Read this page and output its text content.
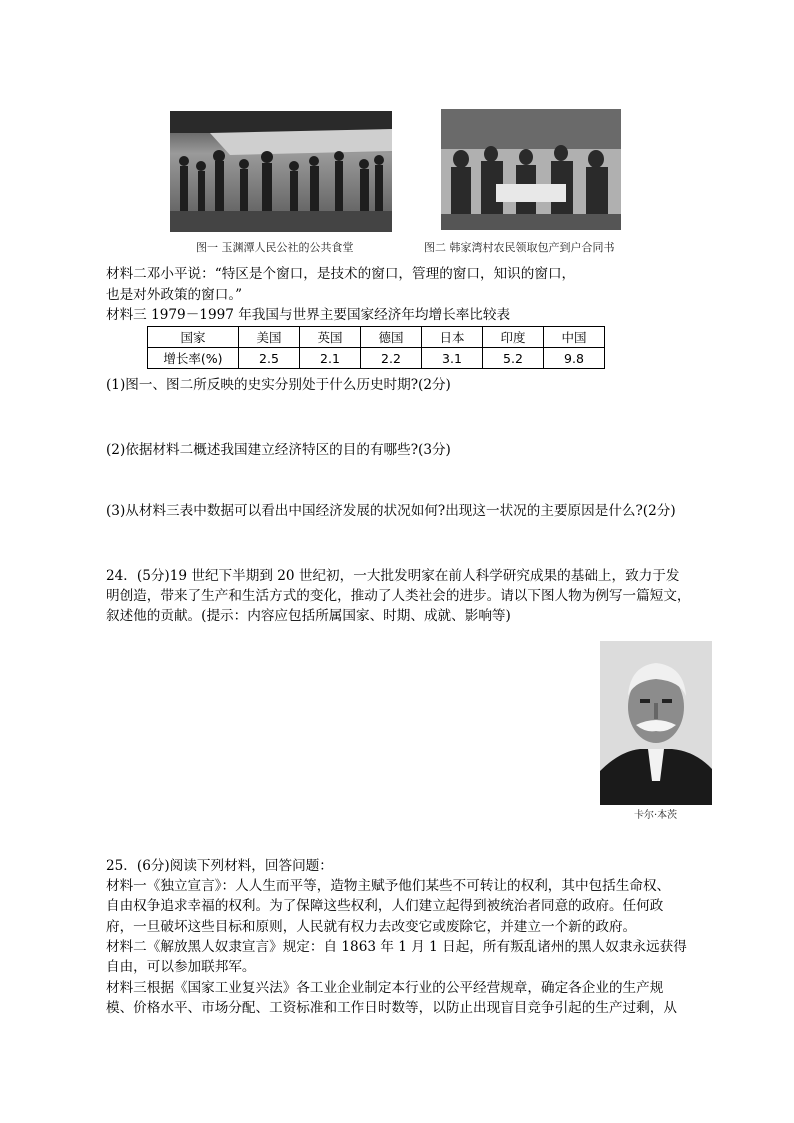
图一 玉渊潭人民公社的公共食堂	图二 韩家湾村农民领取包产到户合同书
材料二邓小平说：“特区是个窗口，是技术的窗口，管理的窗口，知识的窗口，
也是对外政策的窗口。”
材料三 1979－1997 年我国与世界主要国家经济年均增长率比较表
国家	美国	英国	德国	日本	印度	中国
增长率(%)	2.5	2.1	2.2	3.1	5.2	9.8
(1)图一、图二所反映的史实分别处于什么历史时期?(2分)
(2)依据材料二概述我国建立经济特区的目的有哪些?(3分)
(3)从材料三表中数据可以看出中国经济发展的状况如何?出现这一状况的主要原因是什么?(2分)
24．(5分)19 世纪下半期到 20 世纪初，一大批发明家在前人科学研究成果的基础上，致力于发
明创造，带来了生产和生活方式的变化，推动了人类社会的进步。请以下图人物为例写一篇短文，
叙述他的贡献。(提示：内容应包括所属国家、时期、成就、影响等)
卡尔·本茨
25．(6分)阅读下列材料，回答问题：
材料一《独立宣言》：人人生而平等，造物主赋予他们某些不可转让的权利，其中包括生命权、
自由权争追求幸福的权利。为了保障这些权利，人们建立起得到被统治者同意的政府。任何政
府，一旦破坏这些目标和原则，人民就有权力去改变它或废除它，并建立一个新的政府。
材料二《解放黑人奴隶宣言》规定：自 1863 年 1 月 1 日起，所有叛乱诸州的黑人奴隶永远获得
自由，可以参加联邦军。
材料三根据《国家工业复兴法》各工业企业制定本行业的公平经营规章，确定各企业的生产规
模、价格水平、市场分配、工资标准和工作日时数等，以防止出现盲目竞争引起的生产过剩，从
